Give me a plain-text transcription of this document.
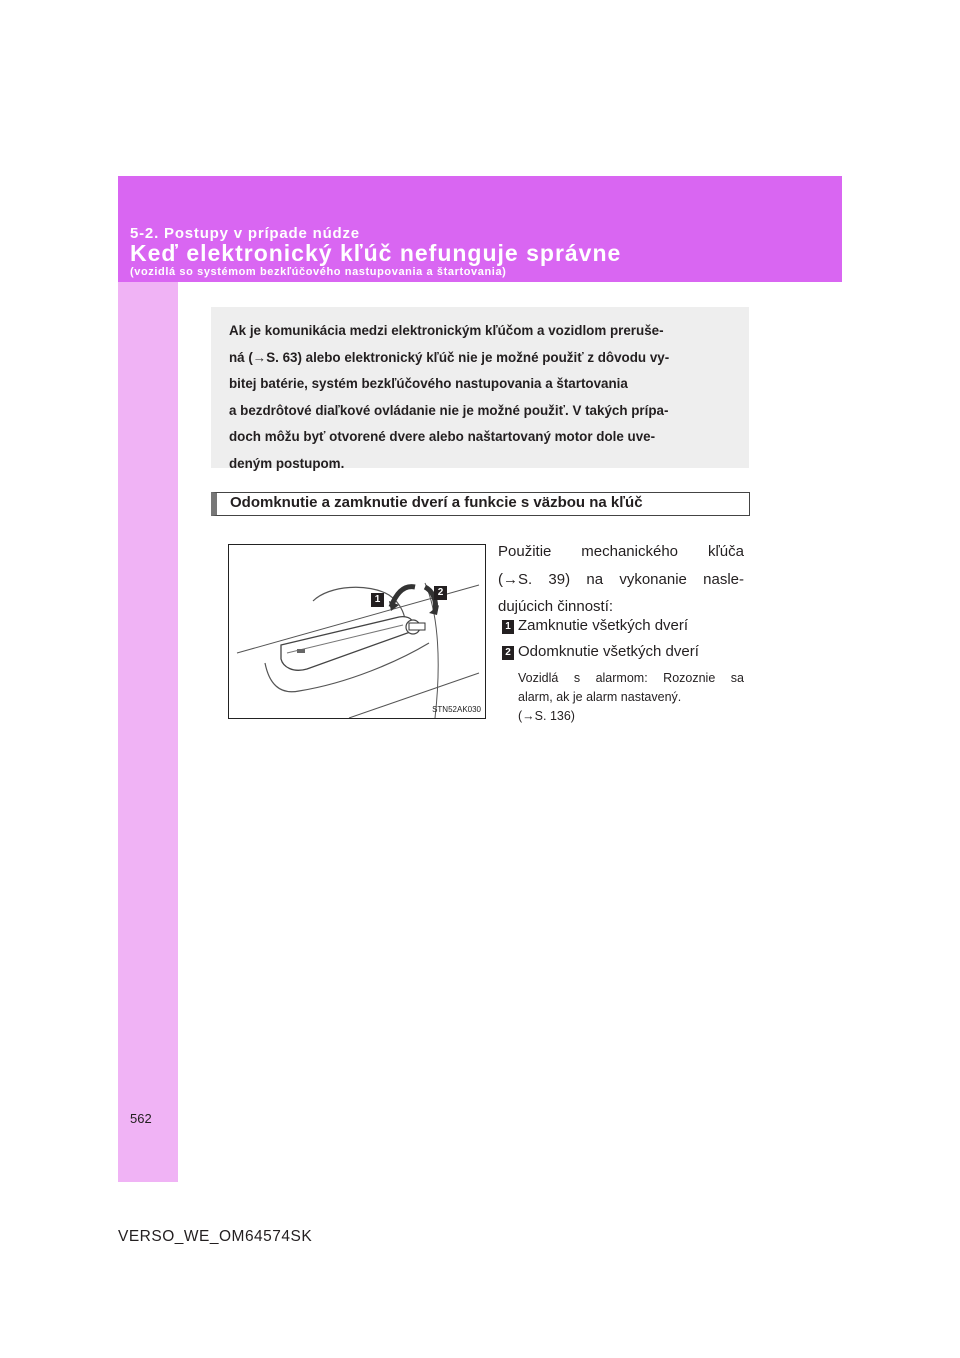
5-2. Postupy v prípade núdze
Keď elektronický kľúč nefunguje správne
(vozidlá so systémom bezkľúčového nastupovania a štartovania)
Ak je komunikácia medzi elektronickým kľúčom a vozidlom preruše-
ná (→S. 63) alebo elektronický kľúč nie je možné použiť z dôvodu vy-
bitej batérie, systém bezkľúčového nastupovania a štartovania
a bezdrôtové diaľkové ovládanie nie je možné použiť. V takých prípa-
doch môžu byť otvorené dvere alebo naštartovaný motor dole uve-
deným postupom.
Odomknutie a zamknutie dverí a funkcie s väzbou na kľúč
1
2
STN52AK030
Použitie mechanického kľúča
(→S. 39) na vykonanie nasle-
dujúcich činností:
1 Zamknutie všetkých dverí
2 Odomknutie všetkých dverí
Vozidlá s alarmom: Rozoznie sa
alarm, ak je alarm nastavený.
(→S. 136)
562
VERSO_WE_OM64574SK
